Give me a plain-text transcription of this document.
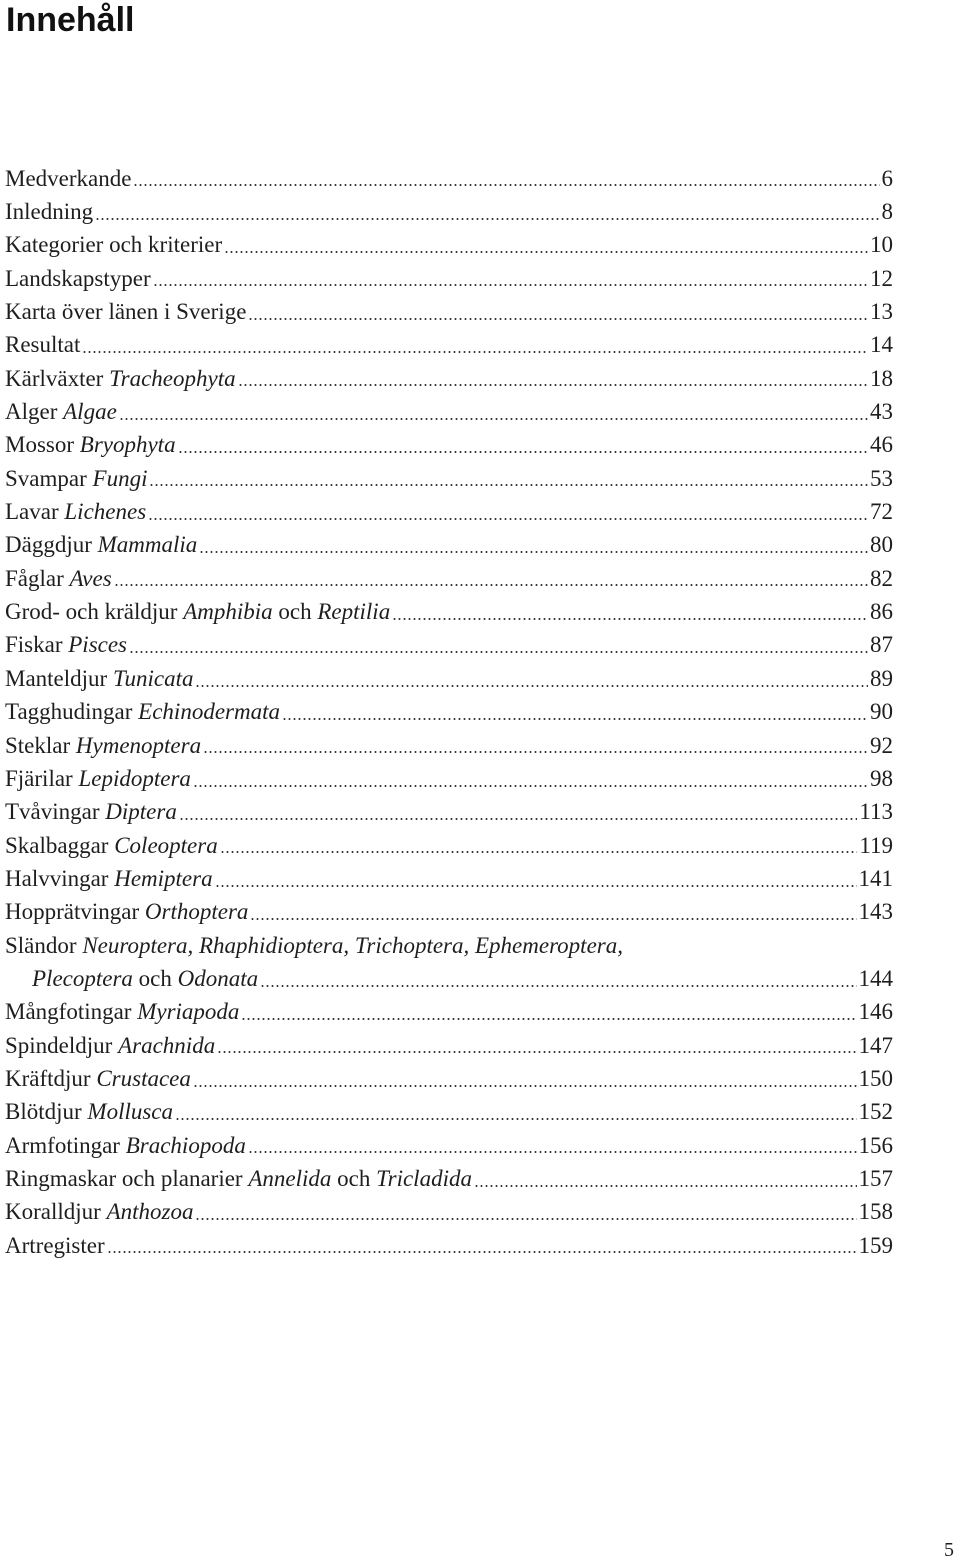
Innehåll
Medverkande	6
Inledning	8
Kategorier och kriterier	10
Landskapstyper	12
Karta över länen i Sverige	13
Resultat	14
Kärlväxter Tracheophyta	18
Alger Algae	43
Mossor Bryophyta	46
Svampar Fungi	53
Lavar Lichenes	72
Däggdjur Mammalia	80
Fåglar Aves	82
Grod- och kräldjur Amphibia och Reptilia	86
Fiskar Pisces	87
Manteldjur Tunicata	89
Tagghudingar Echinodermata	90
Steklar Hymenoptera	92
Fjärilar Lepidoptera	98
Tvåvingar Diptera	113
Skalbaggar Coleoptera	119
Halvvingar Hemiptera	141
Hopprätvingar Orthoptera	143
Sländor Neuroptera, Rhaphidioptera, Trichoptera, Ephemeroptera,
Plecoptera och Odonata	144
Mångfotingar Myriapoda	146
Spindeldjur Arachnida	147
Kräftdjur Crustacea	150
Blötdjur Mollusca	152
Armfotingar Brachiopoda	156
Ringmaskar och planarier Annelida och Tricladida	157
Koralldjur Anthozoa	158
Artregister	159
5
